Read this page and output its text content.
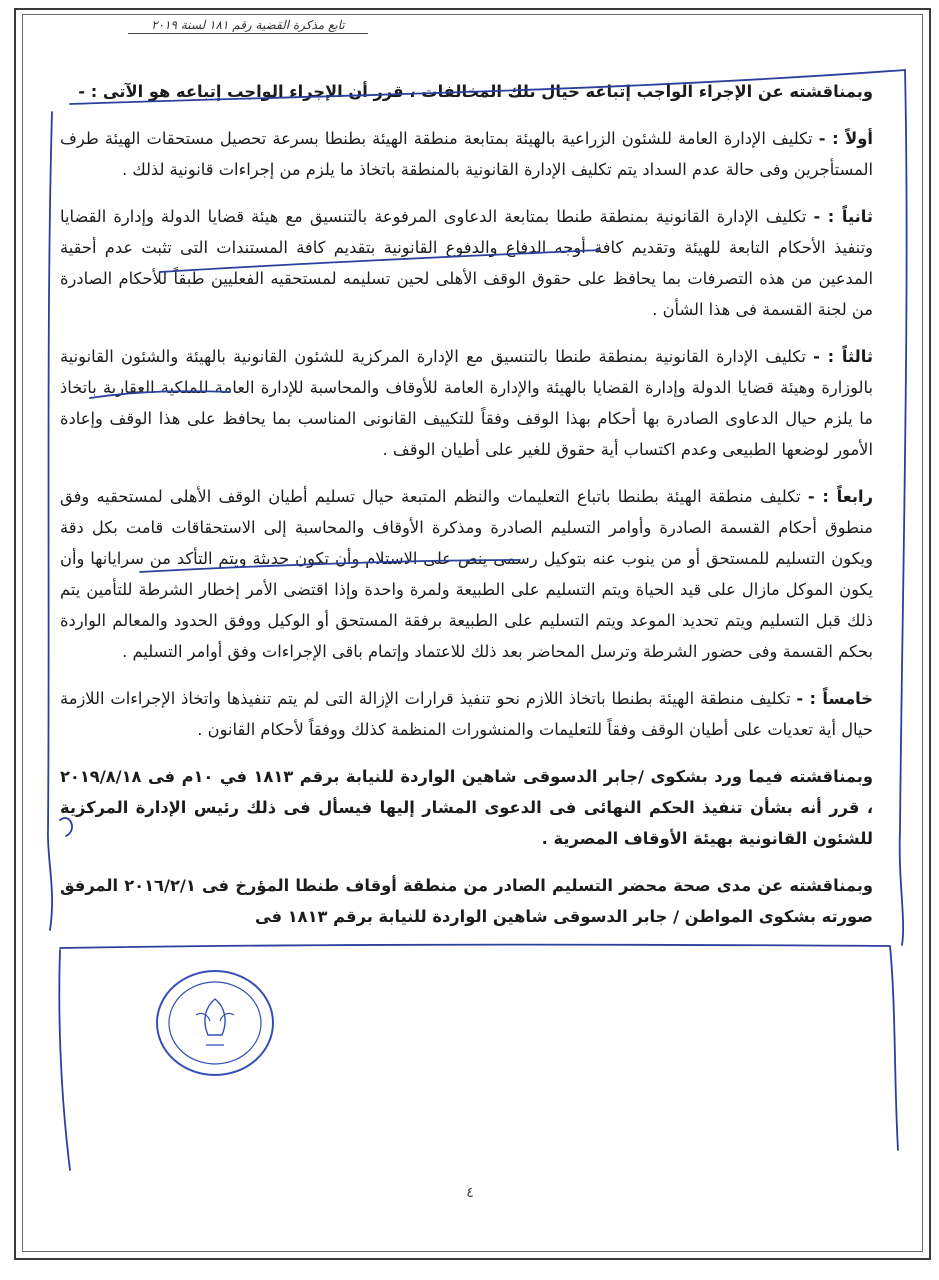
تابع مذكرة القضية رقم ١٨١ لسنة ٢٠١٩

وبمناقشته عن الإجراء الواجب إتباعه حيال تلك المخالفات ، قرر أن الإجراء الواجب إتباعه هو الآتى : -

أولاً : - تكليف الإدارة العامة للشئون الزراعية بالهيئة بمتابعة منطقة الهيئة بطنطا بسرعة تحصيل مستحقات الهيئة طرف المستأجرين وفى حالة عدم السداد يتم تكليف الإدارة القانونية بالمنطقة باتخاذ ما يلزم من إجراءات قانونية لذلك .

ثانياً : - تكليف الإدارة القانونية بمنطقة طنطا بمتابعة الدعاوى المرفوعة بالتنسيق مع هيئة قضايا الدولة وإدارة القضايا وتنفيذ الأحكام التابعة للهيئة وتقديم كافة أوجه الدفاع والدفوع القانونية بتقديم كافة المستندات التى تثبت عدم أحقية المدعين من هذه التصرفات بما يحافظ على حقوق الوقف الأهلى لحين تسليمه لمستحقيه الفعليين طبقاً للأحكام الصادرة من لجنة القسمة فى هذا الشأن .

ثالثاً : - تكليف الإدارة القانونية بمنطقة طنطا بالتنسيق مع الإدارة المركزية للشئون القانونية بالهيئة والشئون القانونية بالوزارة وهيئة قضايا الدولة وإدارة القضايا بالهيئة والإدارة العامة للأوقاف والمحاسبة للإدارة العامة للملكية العقارية باتخاذ ما يلزم حيال الدعاوى الصادرة بها أحكام بهذا الوقف وفقاً للتكييف القانونى المناسب بما يحافظ على هذا الوقف وإعادة الأمور لوضعها الطبيعى وعدم اكتساب أية حقوق للغير على أطيان الوقف .

رابعاً : - تكليف منطقة الهيئة بطنطا باتباع التعليمات والنظم المتبعة حيال تسليم أطيان الوقف الأهلى لمستحقيه وفق منطوق أحكام القسمة الصادرة وأوامر التسليم الصادرة ومذكرة الأوقاف والمحاسبة إلى الاستحقاقات قامت بكل دقة ويكون التسليم للمستحق أو من ينوب عنه بتوكيل رسمى ينص على الاستلام وأن تكون حديثة ويتم التأكد من سرايانها وأن يكون الموكل مازال على قيد الحياة ويتم التسليم على الطبيعة ولمرة واحدة وإذا اقتضى الأمر إخطار الشرطة للتأمين يتم ذلك قبل التسليم ويتم تحديد الموعد ويتم التسليم على الطبيعة برفقة المستحق أو الوكيل ووفق الحدود والمعالم الواردة بحكم القسمة وفى حضور الشرطة وترسل المحاضر بعد ذلك للاعتماد وإتمام باقى الإجراءات وفق أوامر التسليم .

خامساً : - تكليف منطقة الهيئة بطنطا باتخاذ اللازم نحو تنفيذ قرارات الإزالة التى لم يتم تنفيذها واتخاذ الإجراءات اللازمة حيال أية تعديات على أطيان الوقف وفقاً للتعليمات والمنشورات المنظمة كذلك ووفقاً لأحكام القانون .

وبمناقشته فيما ورد بشكوى /جابر الدسوقى شاهين الواردة للنيابة برقم ١٨١٣ في ١٠م فى ٢٠١٩/٨/١٨ ، قرر أنه بشأن تنفيذ الحكم النهائى فى الدعوى المشار إليها فيسأل فى ذلك رئيس الإدارة المركزية للشئون القانونية بهيئة الأوقاف المصرية .

وبمناقشته عن مدى صحة محضر التسليم الصادر من منطقة أوقاف طنطا المؤرخ فى ٢٠١٦/٢/١ المرفق صورته بشكوى المواطن / جابر الدسوقى شاهين الواردة للنيابة برقم ١٨١٣ فى

٤
